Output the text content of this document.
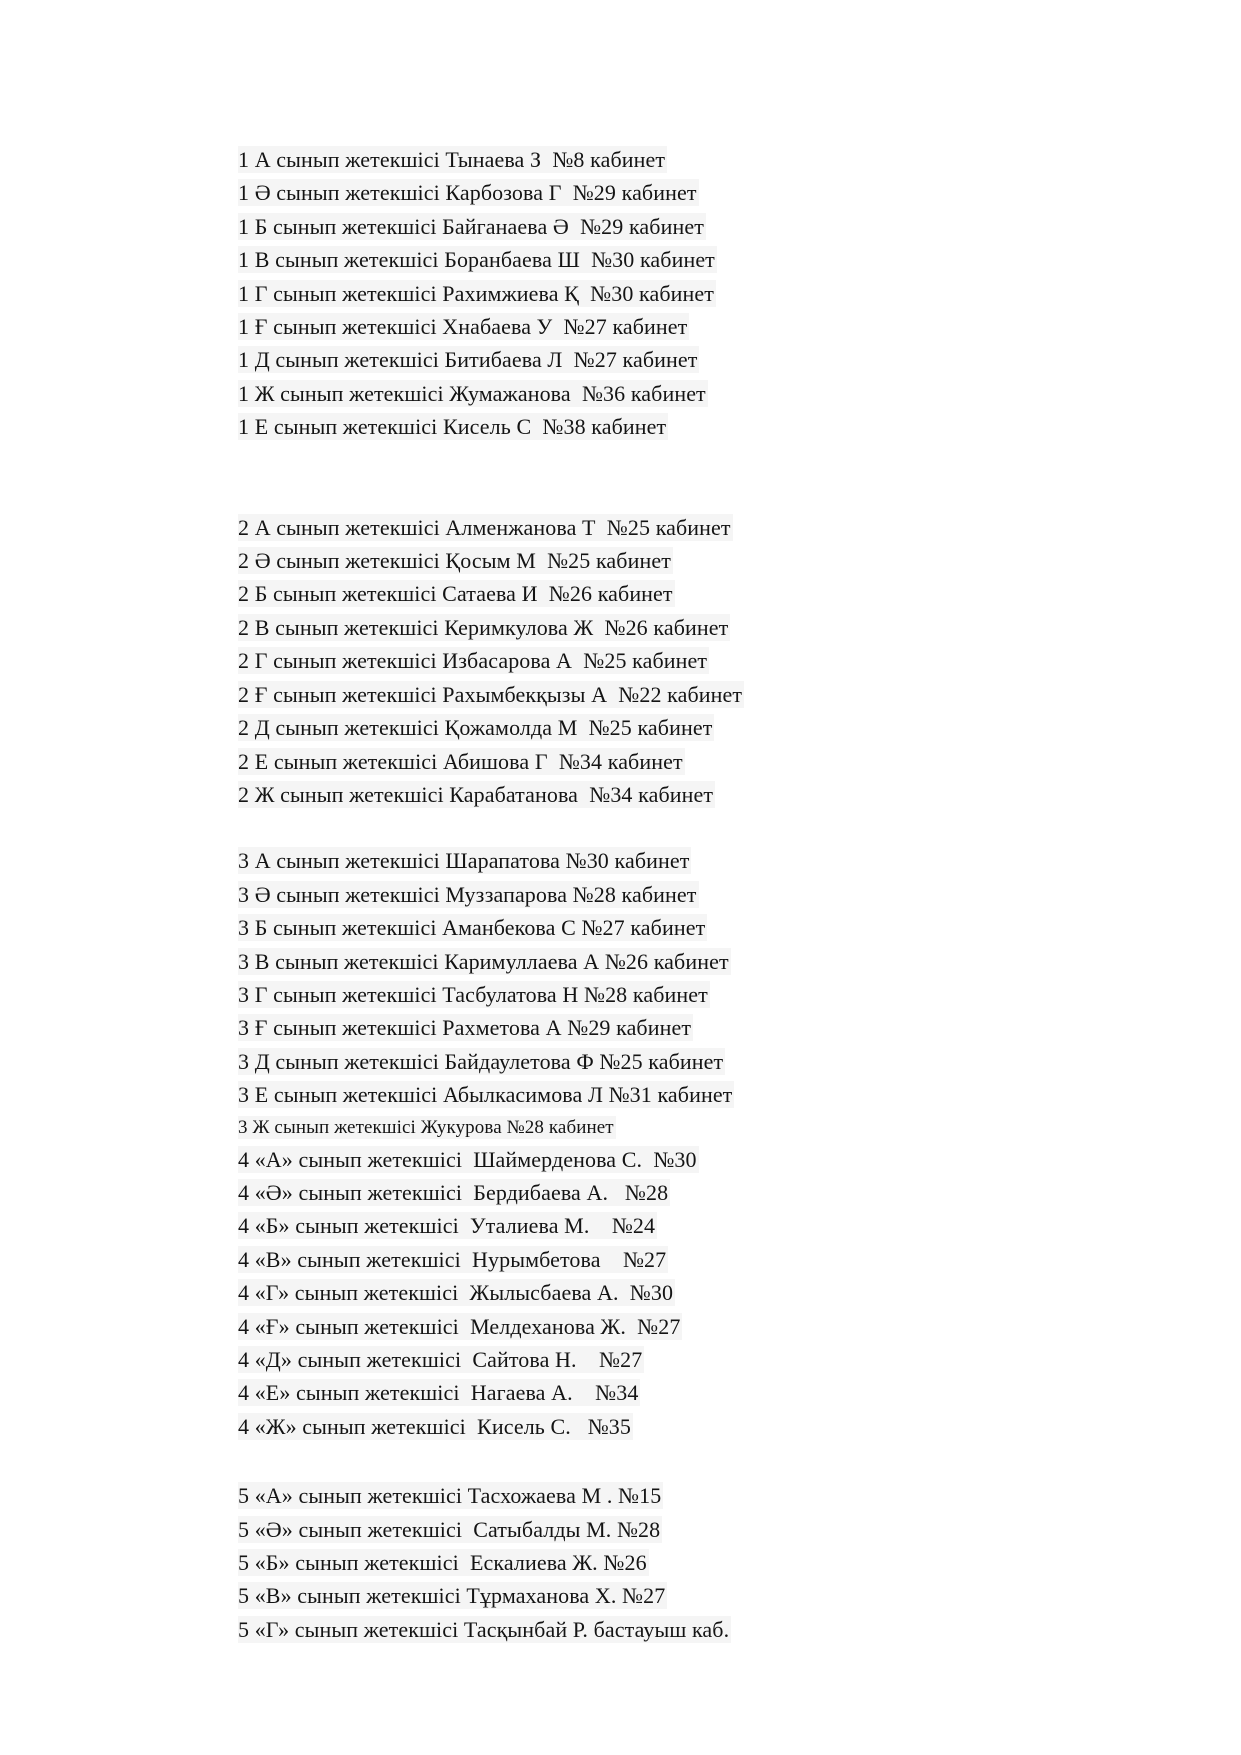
1 А сынып жетекшісі Тынаева З  №8 кабинет
1 Ә сынып жетекшісі Карбозова Г  №29 кабинет
1 Б сынып жетекшісі Байганаева Ә  №29 кабинет
1 В сынып жетекшісі Боранбаева Ш  №30 кабинет
1 Г сынып жетекшісі Рахимжиева Қ  №30 кабинет
1 Ғ сынып жетекшісі Хнабаева У  №27 кабинет
1 Д сынып жетекшісі Битибаева Л  №27 кабинет
1 Ж сынып жетекшісі Жумажанова  №36 кабинет
1 Е сынып жетекшісі Кисель С  №38 кабинет
2 А сынып жетекшісі Алменжанова Т  №25 кабинет
2 Ә сынып жетекшісі Қосым М  №25 кабинет
2 Б сынып жетекшісі Сатаева И  №26 кабинет
2 В сынып жетекшісі Керимкулова Ж  №26 кабинет
2 Г сынып жетекшісі Избасарова А  №25 кабинет
2 Ғ сынып жетекшісі Рахымбекқызы А  №22 кабинет
2 Д сынып жетекшісі Қожамолда М  №25 кабинет
2 Е сынып жетекшісі Абишова Г  №34 кабинет
2 Ж сынып жетекшісі Карабатанова  №34 кабинет
3 А сынып жетекшісі Шарапатова №30 кабинет
3 Ә сынып жетекшісі Муззапарова №28 кабинет
3 Б сынып жетекшісі Аманбекова С №27 кабинет
3 В сынып жетекшісі Каримуллаева А №26 кабинет
3 Г сынып жетекшісі Тасбулатова Н №28 кабинет
3 Ғ сынып жетекшісі Рахметова А №29 кабинет
3 Д сынып жетекшісі Байдаулетова Ф №25 кабинет
3 Е сынып жетекшісі Абылкасимова Л №31 кабинет
3 Ж сынып жетекшісі Жукурова №28 кабинет
4 «А» сынып жетекшісі  Шаймерденова С.  №30
4 «Ә» сынып жетекшісі  Бердибаева А.   №28
4 «Б» сынып жетекшісі  Уталиева М.    №24
4 «В» сынып жетекшісі  Нурымбетова    №27
4 «Г» сынып жетекшісі  Жылысбаева А.  №30
4 «Ғ» сынып жетекшісі  Мелдеханова Ж.  №27
4 «Д» сынып жетекшісі  Сайтова Н.    №27
4 «Е» сынып жетекшісі  Нагаева А.    №34
4 «Ж» сынып жетекшісі  Кисель С.   №35
5 «А» сынып жетекшісі Тасхожаева М . №15
5 «Ә» сынып жетекшісі  Сатыбалды М. №28
5 «Б» сынып жетекшісі  Ескалиева Ж. №26
5 «В» сынып жетекшісі Тұрмаханова Х. №27
5 «Г» сынып жетекшісі Тасқынбай Р. бастауыш каб.
